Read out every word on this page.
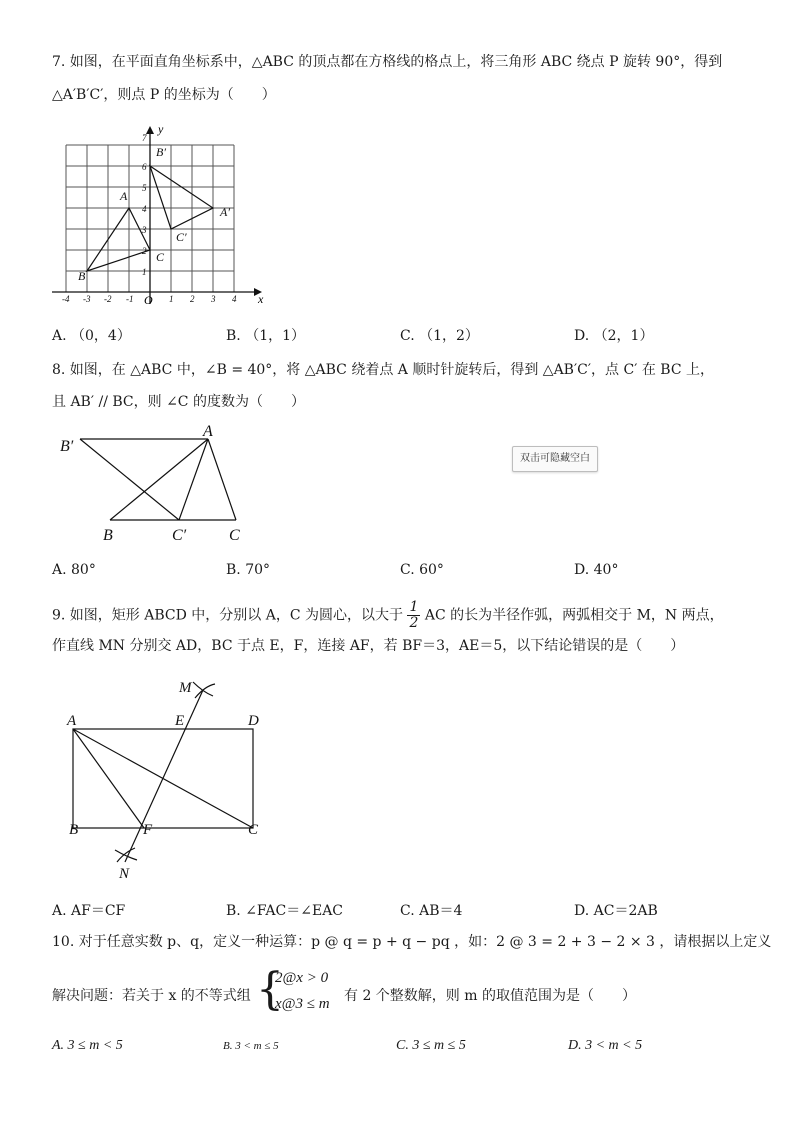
7. 如图，在平面直角坐标系中，△ABC 的顶点都在方格线的格点上，将三角形 ABC 绕点 P 旋转 90°，得到
△A′B′C′，则点 P 的坐标为（　　）
-4 -3 -2 -1	1 2 3 4
1
2
3
4
5
6
7
x
y
O
A
B
C
A′
B′
C′
A. （0，4）	B. （1，1）	C. （1，2）	D. （2，1）
8. 如图，在 △ABC 中，∠B = 40°，将 △ABC 绕着点 A 顺时针旋转后，得到 △AB′C′，点 C′ 在 BC 上，
且 AB′ // BC，则 ∠C 的度数为（　　）
A
B′
B	C′	C
双击可隐藏空白
A. 80°	B. 70°	C. 60°	D. 40°
9. 如图，矩形 ABCD 中，分别以 A，C 为圆心，以大于 $\frac{1}{2}$ AC 的长为半径作弧，两弧相交于 M，N 两点，
作直线 MN 分别交 AD，BC 于点 E，F，连接 AF，若 BF＝3，AE＝5，以下结论错误的是（　　）
M
A	E	D
B	F	C
N
A. AF＝CF	B. ∠FAC＝∠EAC	C. AB＝4	D. AC＝2AB
10. 对于任意实数 p、q，定义一种运算：p @ q = p + q − pq ，如：2 @ 3 = 2 + 3 − 2 × 3 ，请根据以上定义
解决问题：若关于 x 的不等式组 {
2@x > 0
x@3 ≤ m 有 2 个整数解，则 m 的取值范围为是（　　）
A. 3 ≤ m < 5	B. 3 < m ≤ 5	C. 3 ≤ m ≤ 5	D. 3 < m < 5
